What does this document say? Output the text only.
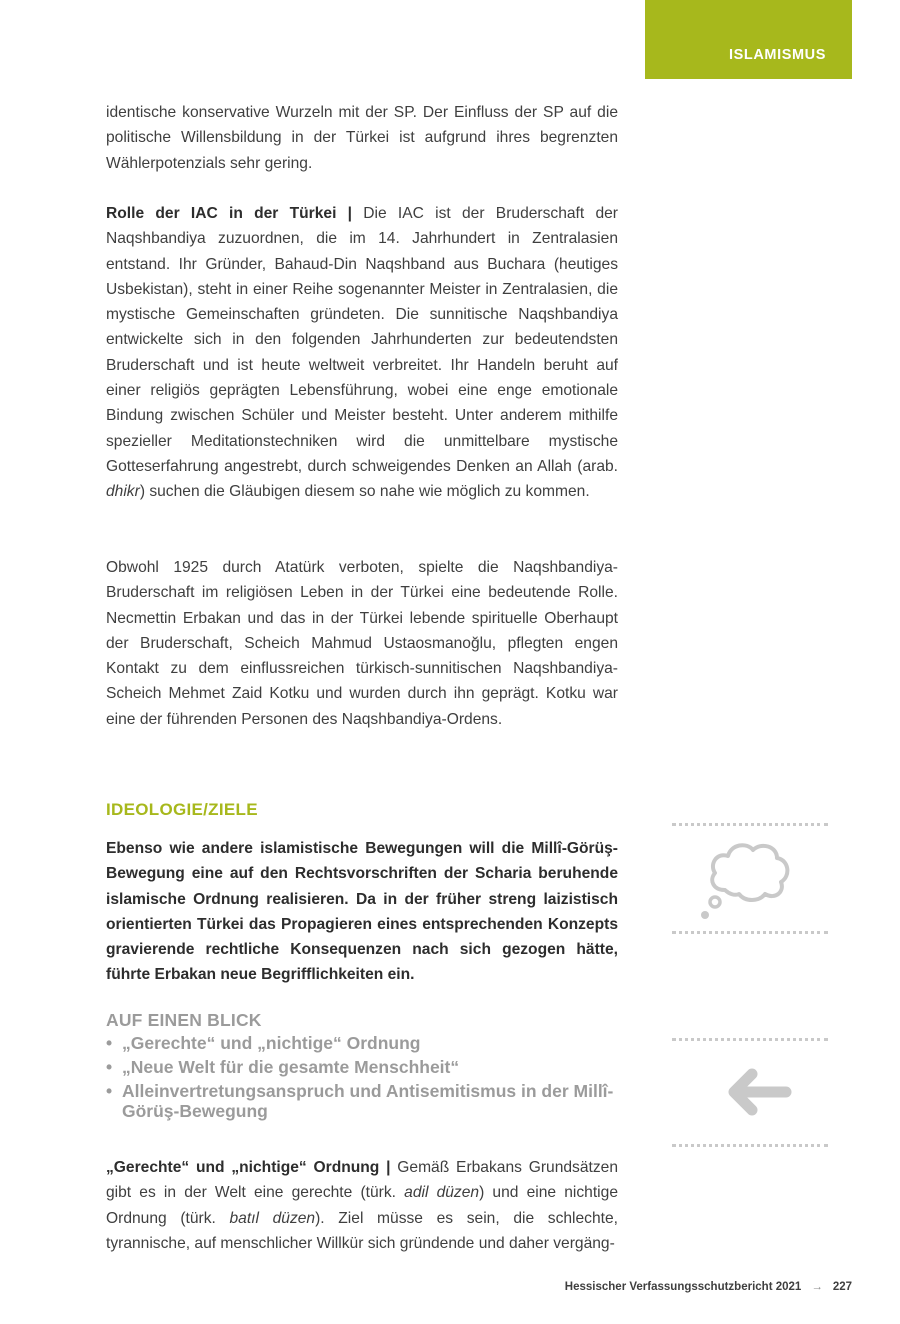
ISLAMISMUS

identische konservative Wurzeln mit der SP. Der Einfluss der SP auf die politische Willensbildung in der Türkei ist aufgrund ihres begrenzten Wählerpotenzials sehr gering.

Rolle der IAC in der Türkei | Die IAC ist der Bruderschaft der Naqshbandiya zuzuordnen, die im 14. Jahrhundert in Zentralasien entstand. Ihr Gründer, Bahaud-Din Naqshband aus Buchara (heutiges Usbekistan), steht in einer Reihe sogenannter Meister in Zentralasien, die mystische Gemeinschaften gründeten. Die sunnitische Naqshbandiya entwickelte sich in den folgenden Jahrhunderten zur bedeutendsten Bruderschaft und ist heute weltweit verbreitet. Ihr Handeln beruht auf einer religiös geprägten Lebensführung, wobei eine enge emotionale Bindung zwischen Schüler und Meister besteht. Unter anderem mithilfe spezieller Meditationstechniken wird die unmittelbare mystische Gotteserfahrung angestrebt, durch schweigendes Denken an Allah (arab. dhikr) suchen die Gläubigen diesem so nahe wie möglich zu kommen.

Obwohl 1925 durch Atatürk verboten, spielte die Naqshbandiya-Bruderschaft im religiösen Leben in der Türkei eine bedeutende Rolle. Necmettin Erbakan und das in der Türkei lebende spirituelle Oberhaupt der Bruderschaft, Scheich Mahmud Ustaosmanoğlu, pflegten engen Kontakt zu dem einflussreichen türkisch-sunnitischen Naqshbandiya-Scheich Mehmet Zaid Kotku und wurden durch ihn geprägt. Kotku war eine der führenden Personen des Naqshbandiya-Ordens.

IDEOLOGIE/ZIELE

Ebenso wie andere islamistische Bewegungen will die Millî-Görüş-Bewegung eine auf den Rechtsvorschriften der Scharia beruhende islamische Ordnung realisieren. Da in der früher streng laizistisch orientierten Türkei das Propagieren eines entsprechenden Konzepts gravierende rechtliche Konsequenzen nach sich gezogen hätte, führte Erbakan neue Begrifflichkeiten ein.

AUF EINEN BLICK
• „Gerechte“ und „nichtige“ Ordnung
• „Neue Welt für die gesamte Menschheit“
• Alleinvertretungsanspruch und Antisemitismus in der Millî-Görüş-Bewegung

„Gerechte“ und „nichtige“ Ordnung | Gemäß Erbakans Grundsätzen gibt es in der Welt eine gerechte (türk. adil düzen) und eine nichtige Ordnung (türk. batıl düzen). Ziel müsse es sein, die schlechte, tyrannische, auf menschlicher Willkür sich gründende und daher vergäng-

Hessischer Verfassungsschutzbericht 2021 → 227
